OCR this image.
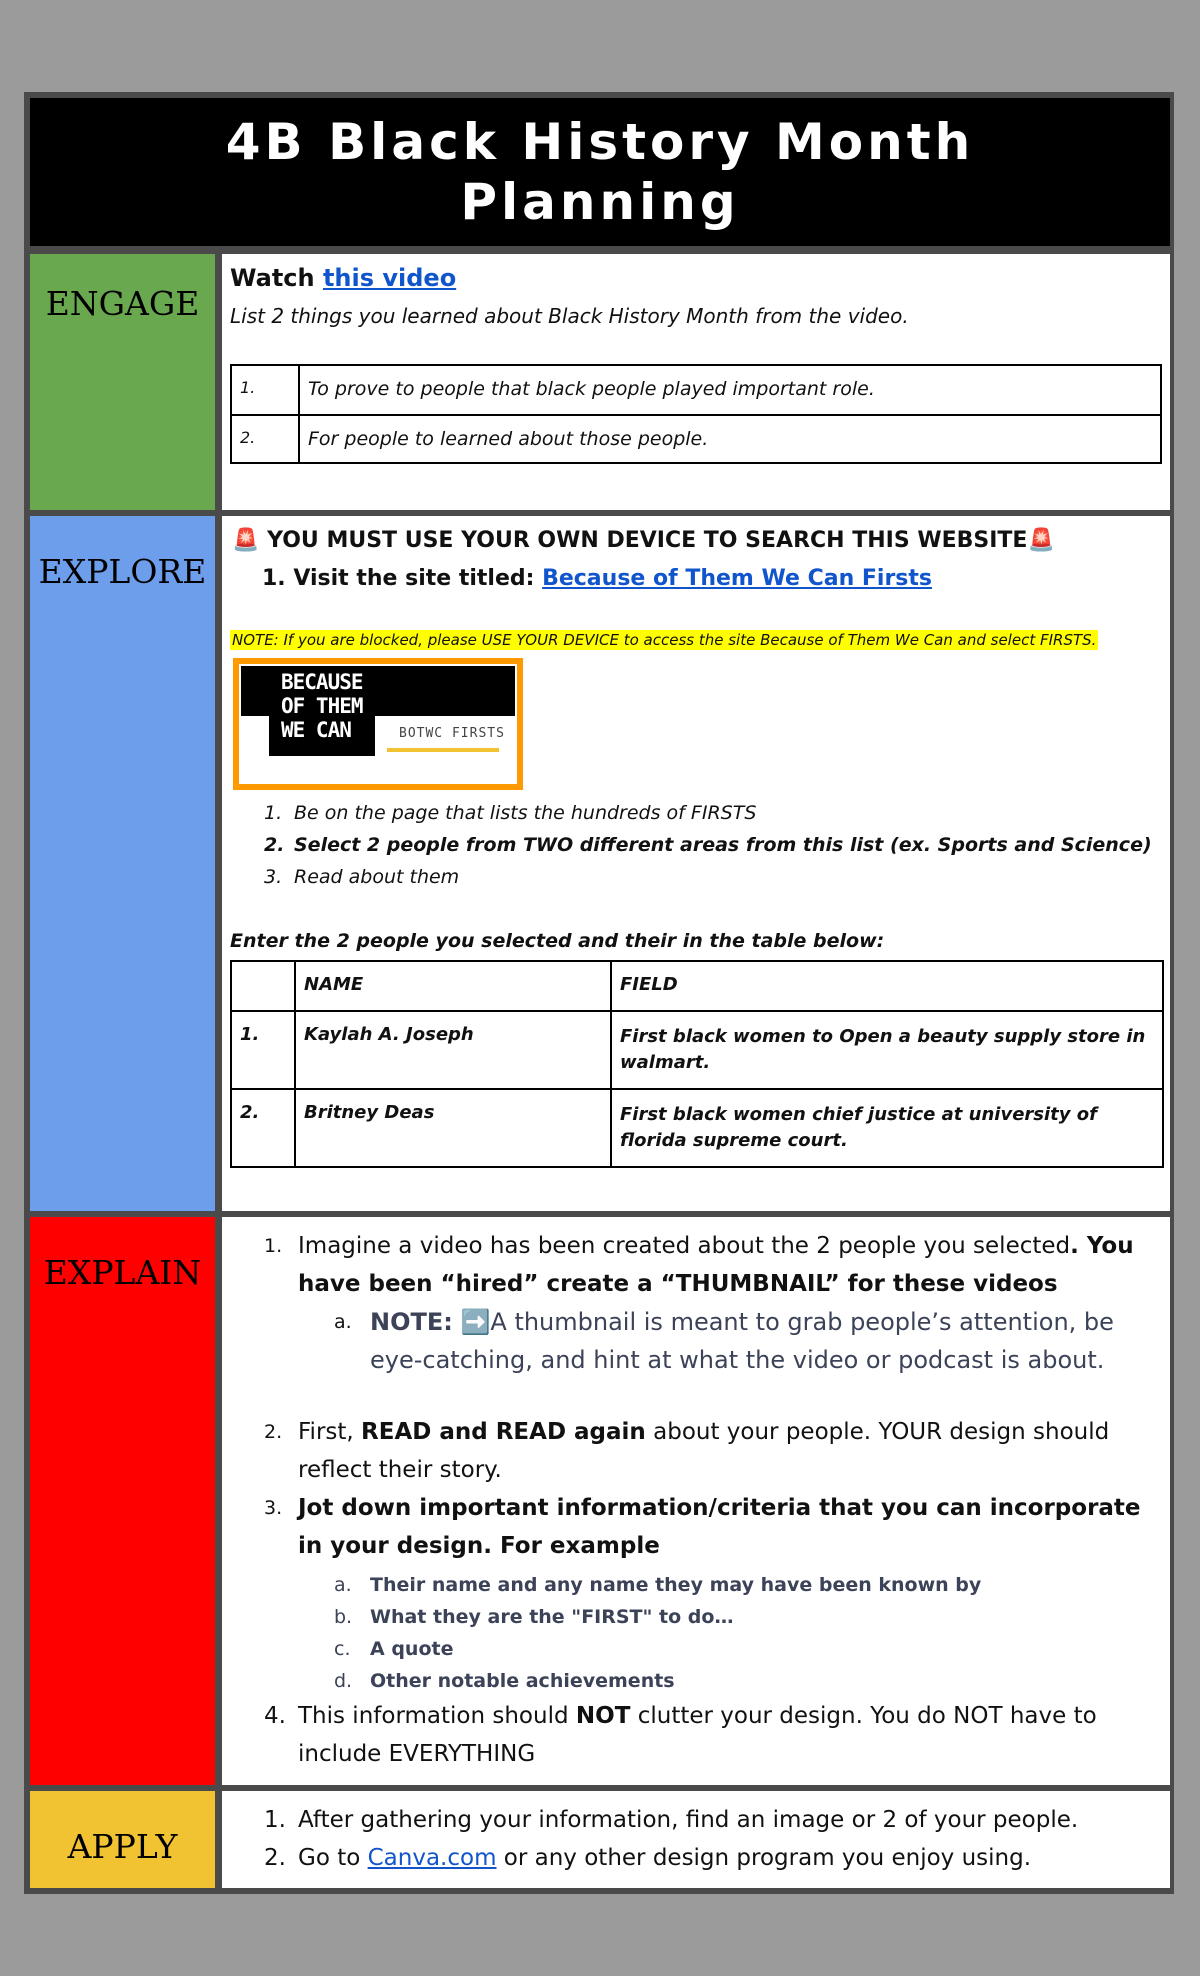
4B Black History Month Planning
ENGAGE
Watch this video
List 2 things you learned about Black History Month from the video.
1.	To prove to people that black people played important role.
2.	For people to learned about those people.
EXPLORE
🚨 YOU MUST USE YOUR OWN DEVICE TO SEARCH THIS WEBSITE🚨
1. Visit the site titled: Because of Them We Can Firsts
NOTE: If you are blocked, please USE YOUR DEVICE to access the site Because of Them We Can and select FIRSTS.
BECAUSE
OF THEM
WE CAN	BOTWC FIRSTS
1. Be on the page that lists the hundreds of FIRSTS
2. Select 2 people from TWO different areas from this list (ex. Sports and Science)
3. Read about them
Enter the 2 people you selected and their in the table below:
	NAME	FIELD
1.	Kaylah A. Joseph	First black women to Open a beauty supply store in walmart.
2.	Britney Deas	First black women chief justice at university of florida supreme court.
EXPLAIN
1. Imagine a video has been created about the 2 people you selected. You have been “hired” create a “THUMBNAIL” for these videos
a. NOTE: ➡️A thumbnail is meant to grab people’s attention, be eye-catching, and hint at what the video or podcast is about.
2. First, READ and READ again about your people. YOUR design should reflect their story.
3. Jot down important information/criteria that you can incorporate in your design. For example
a. Their name and any name they may have been known by
b. What they are the "FIRST" to do…
c. A quote
d. Other notable achievements
4. This information should NOT clutter your design. You do NOT have to include EVERYTHING
APPLY
1. After gathering your information, find an image or 2 of your people.
2. Go to Canva.com or any other design program you enjoy using.
